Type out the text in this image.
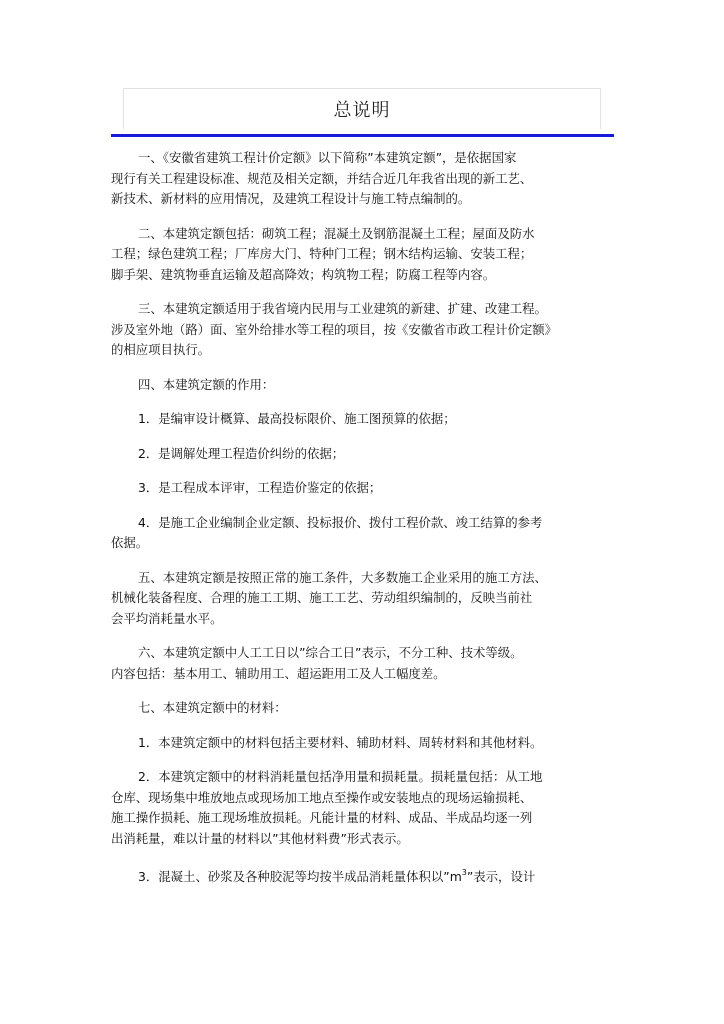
总说明
一、《安徽省建筑工程计价定额》以下简称”本建筑定额”，是依据国家
现行有关工程建设标准、规范及相关定额，并结合近几年我省出现的新工艺、
新技术、新材料的应用情况，及建筑工程设计与施工特点编制的。
二、本建筑定额包括：砌筑工程；混凝土及钢筋混凝土工程；屋面及防水
工程；绿色建筑工程；厂库房大门、特种门工程；钢木结构运输、安装工程；
脚手架、建筑物垂直运输及超高降效；构筑物工程；防腐工程等内容。
三、本建筑定额适用于我省境内民用与工业建筑的新建、扩建、改建工程。
涉及室外地（路）面、室外给排水等工程的项目，按《安徽省市政工程计价定额》
的相应项目执行。
四、本建筑定额的作用：
1．是编审设计概算、最高投标限价、施工图预算的依据；
2．是调解处理工程造价纠纷的依据；
3．是工程成本评审，工程造价鉴定的依据；
4．是施工企业编制企业定额、投标报价、拨付工程价款、竣工结算的参考
依据。
五、本建筑定额是按照正常的施工条件，大多数施工企业采用的施工方法、
机械化装备程度、合理的施工工期、施工工艺、劳动组织编制的，反映当前社
会平均消耗量水平。
六、本建筑定额中人工工日以”综合工日”表示，不分工种、技术等级。
内容包括：基本用工、辅助用工、超运距用工及人工幅度差。
七、本建筑定额中的材料：
1．本建筑定额中的材料包括主要材料、辅助材料、周转材料和其他材料。
2．本建筑定额中的材料消耗量包括净用量和损耗量。损耗量包括：从工地
仓库、现场集中堆放地点或现场加工地点至操作或安装地点的现场运输损耗、
施工操作损耗、施工现场堆放损耗。凡能计量的材料、成品、半成品均逐一列
出消耗量，难以计量的材料以”其他材料费”形式表示。
3．混凝土、砂浆及各种胶泥等均按半成品消耗量体积以$”m^3$”表示，设计
